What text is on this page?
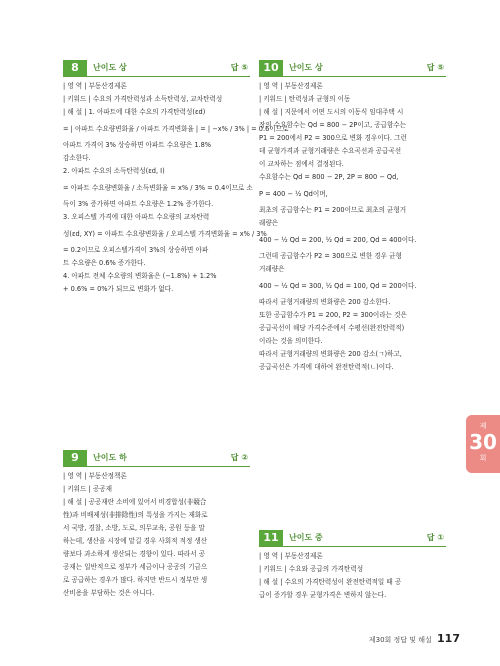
8	난이도 상	답 ⑤
| 영 역 | 부동산경제론
| 키워드 | 수요의 가격탄력성과 소득탄력성, 교차탄력성
| 해 설 | 1. 아파트에 대한 수요의 가격탄력성(εd)
= | 아파트 수요량변화율 / 아파트 가격변화율 | = | −x% / 3% | = 0.6이므로
아파트 가격이 3% 상승하면 아파트 수요량은 1.8%
감소한다.
2. 아파트 수요의 소득탄력성(εd, I)
= 아파트 수요량변화율 / 소득변화율 = x% / 3% = 0.4이므로 소
득이 3% 증가하면 아파트 수요량은 1.2% 증가한다.
3. 오피스텔 가격에 대한 아파트 수요량의 교차탄력
성(εd, XY) = 아파트 수요량변화율 / 오피스텔 가격변화율 = x% / 3%
= 0.2이므로 오피스텔가격이 3%의 상승하면 아파
트 수요량은 0.6% 증가한다.
4. 아파트 전체 수요량의 변화율은 (−1.8%) + 1.2%
+ 0.6% = 0%가 되므로 변화가 없다.
9	난이도 하	답 ②
| 영 역 | 부동산정책론
| 키워드 | 공공재
| 해 설 | 공공재란 소비에 있어서 비경합성(非競合
性)과 비배제성(非排除性)의 특성을 가지는 재화로
서 국방, 경찰, 소방, 도로, 의무교육, 공원 등을 말
하는데, 생산을 시장에 맡길 경우 사회적 적정 생산
량보다 과소하게 생산되는 경향이 있다. 따라서 공
공재는 일반적으로 정부가 세금이나 공공의 기금으
로 공급하는 경우가 많다. 하지만 반드시 정부만 생
산비용을 부담하는 것은 아니다.
10	난이도 상	답 ⑤
| 영 역 | 부동산경제론
| 키워드 | 탄력성과 균형의 이동
| 해 설 | 지문에서 어떤 도시의 이동식 임대주택 시
장의 수요함수는 Qd = 800 − 2P이고, 공급함수는
P1 = 200에서 P2 = 300으로 변화 경우이다. 그런
데 균형가격과 균형거래량은 수요곡선과 공급곡선
이 교차하는 점에서 결정된다.
수요함수는 Qd = 800 − 2P, 2P = 800 − Qd,
P = 400 − ½ Qd이며,
최초의 공급함수는 P1 = 200이므로 최초의 균형거
래량은
400 − ½ Qd = 200, ½ Qd = 200, Qd = 400이다.
그런데 공급함수가 P2 = 300으로 변한 경우 균형
거래량은
400 − ½ Qd = 300, ½ Qd = 100, Qd = 200이다.
따라서 균형거래량의 변화량은 200 감소한다.
또한 공급함수가 P1 = 200, P2 = 300이라는 것은
공급곡선이 해당 가격수준에서 수평선(완전탄력적)
이라는 것을 의미한다.
따라서 균형거래량의 변화량은 200 감소(ㄱ)하고,
공급곡선은 가격에 대하여 완전탄력적(ㄴ)이다.
11	난이도 중	답 ①
| 영 역 | 부동산경제론
| 키워드 | 수요와 공급의 가격탄력성
| 해 설 | 수요의 가격탄력성이 완전탄력적일 때 공
급이 증가할 경우 균형가격은 변하지 않는다.
제
30
회
제30회 정답 및 해설 117
